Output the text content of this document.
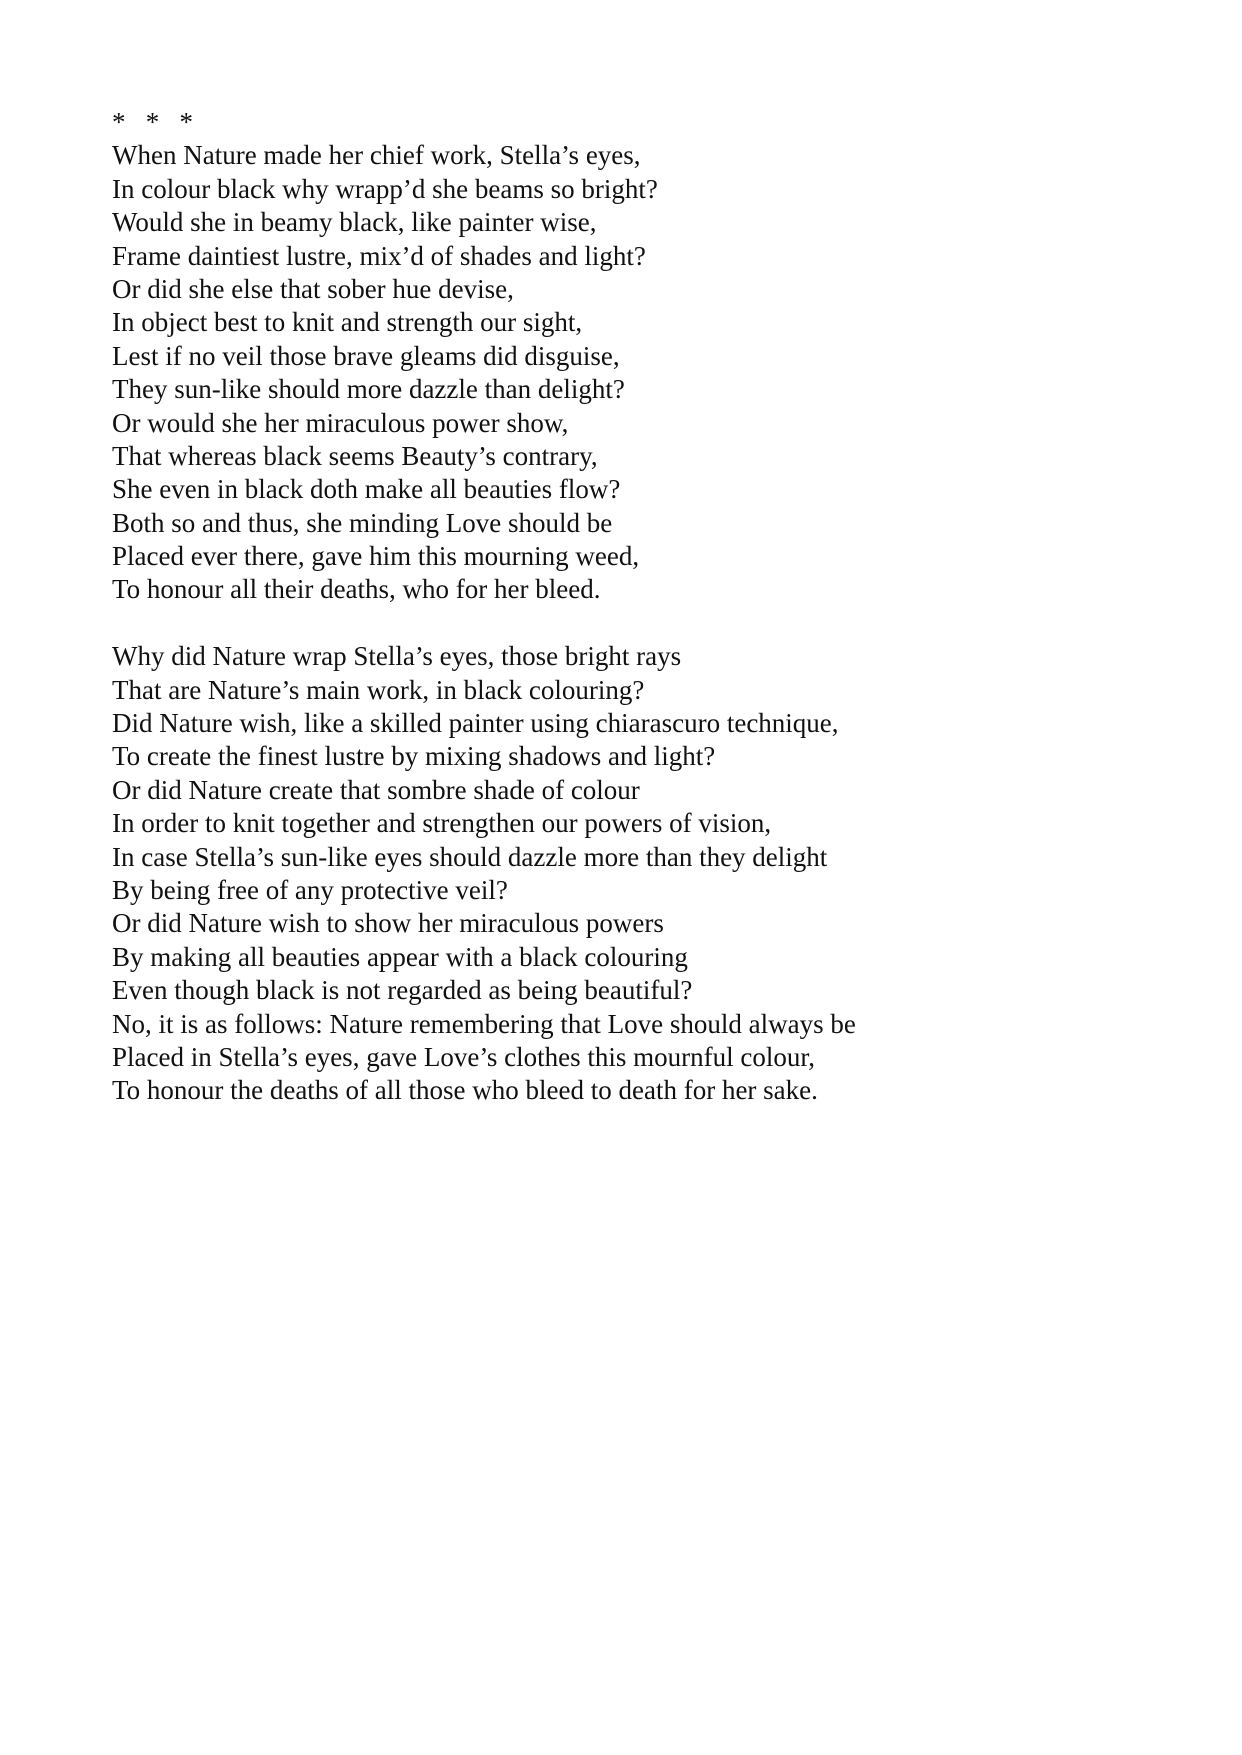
*   *   *
When Nature made her chief work, Stella’s eyes,
In colour black why wrapp’d she beams so bright?
Would she in beamy black, like painter wise,
Frame daintiest lustre, mix’d of shades and light?
Or did she else that sober hue devise,
In object best to knit and strength our sight,
Lest if no veil those brave gleams did disguise,
They sun-like should more dazzle than delight?
Or would she her miraculous power show,
That whereas black seems Beauty’s contrary,
She even in black doth make all beauties flow?
Both so and thus, she minding Love should be
Placed ever there, gave him this mourning weed,
To honour all their deaths, who for her bleed.
Why did Nature wrap Stella’s eyes, those bright rays
That are Nature’s main work, in black colouring?
Did Nature wish, like a skilled painter using chiarascuro technique,
To create the finest lustre by mixing shadows and light?
Or did Nature create that sombre shade of colour
In order to knit together and strengthen our powers of vision,
In case Stella’s sun-like eyes should dazzle more than they delight
By being free of any protective veil?
Or did Nature wish to show her miraculous powers
By making all beauties appear with a black colouring
Even though black is not regarded as being beautiful?
No, it is as follows: Nature remembering that Love should always be
Placed in Stella’s eyes, gave Love’s clothes this mournful colour,
To honour the deaths of all those who bleed to death for her sake.
